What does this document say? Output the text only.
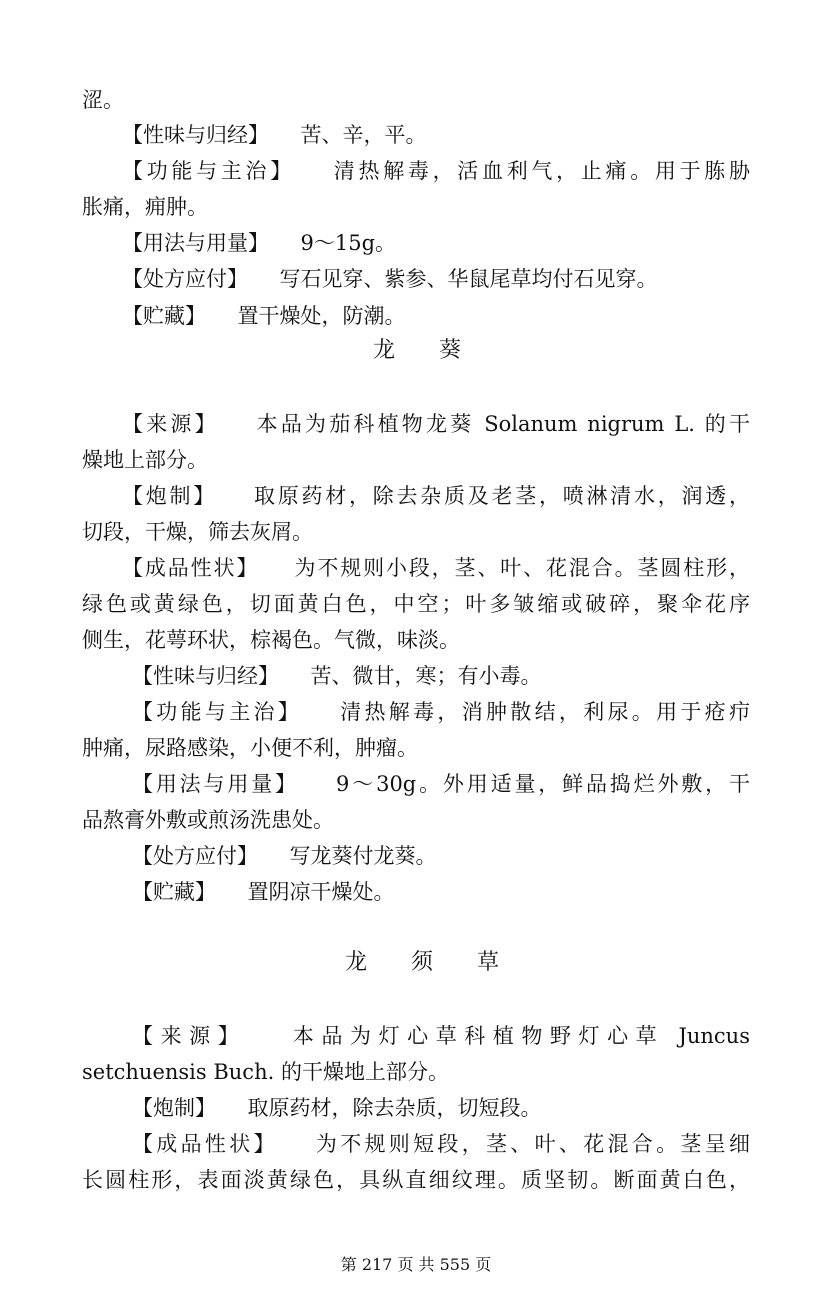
涩。
【性味与归经】　　苦、辛，平。
【功能与主治】　　清热解毒，活血利气，止痛。用于胨胁
胀痛，痈肿。
【用法与用量】　　9～15g。
【处方应付】　　写石见穿、紫参、华鼠尾草均付石见穿。
【贮藏】　　置干燥处，防潮。
龙　　葵
【来源】　　本品为茄科植物龙葵 Solanum nigrum L. 的干
燥地上部分。
【炮制】　　取原药材，除去杂质及老茎，喷淋清水，润透，
切段，干燥，筛去灰屑。
【成品性状】　　为不规则小段，茎、叶、花混合。茎圆柱形，
绿色或黄绿色，切面黄白色，中空；叶多皱缩或破碎，聚伞花序
侧生，花萼环状，棕褐色。气微，味淡。
【性味与归经】　　苦、微甘，寒；有小毒。
【功能与主治】　　清热解毒，消肿散结，利尿。用于疮疖
肿痛，尿路感染，小便不利，肿瘤。
【用法与用量】　　9～30g。外用适量，鲜品捣烂外敷，干
品熬膏外敷或煎汤洗患处。
【处方应付】　　写龙葵付龙葵。
【贮藏】　　置阴凉干燥处。
龙　　须　　草
【来源】　　本品为灯心草科植物野灯心草 Juncus
setchuensis Buch. 的干燥地上部分。
【炮制】　　取原药材，除去杂质，切短段。
【成品性状】　　为不规则短段，茎、叶、花混合。茎呈细
长圆柱形，表面淡黄绿色，具纵直细纹理。质坚韧。断面黄白色，
第 217 页 共 555 页
